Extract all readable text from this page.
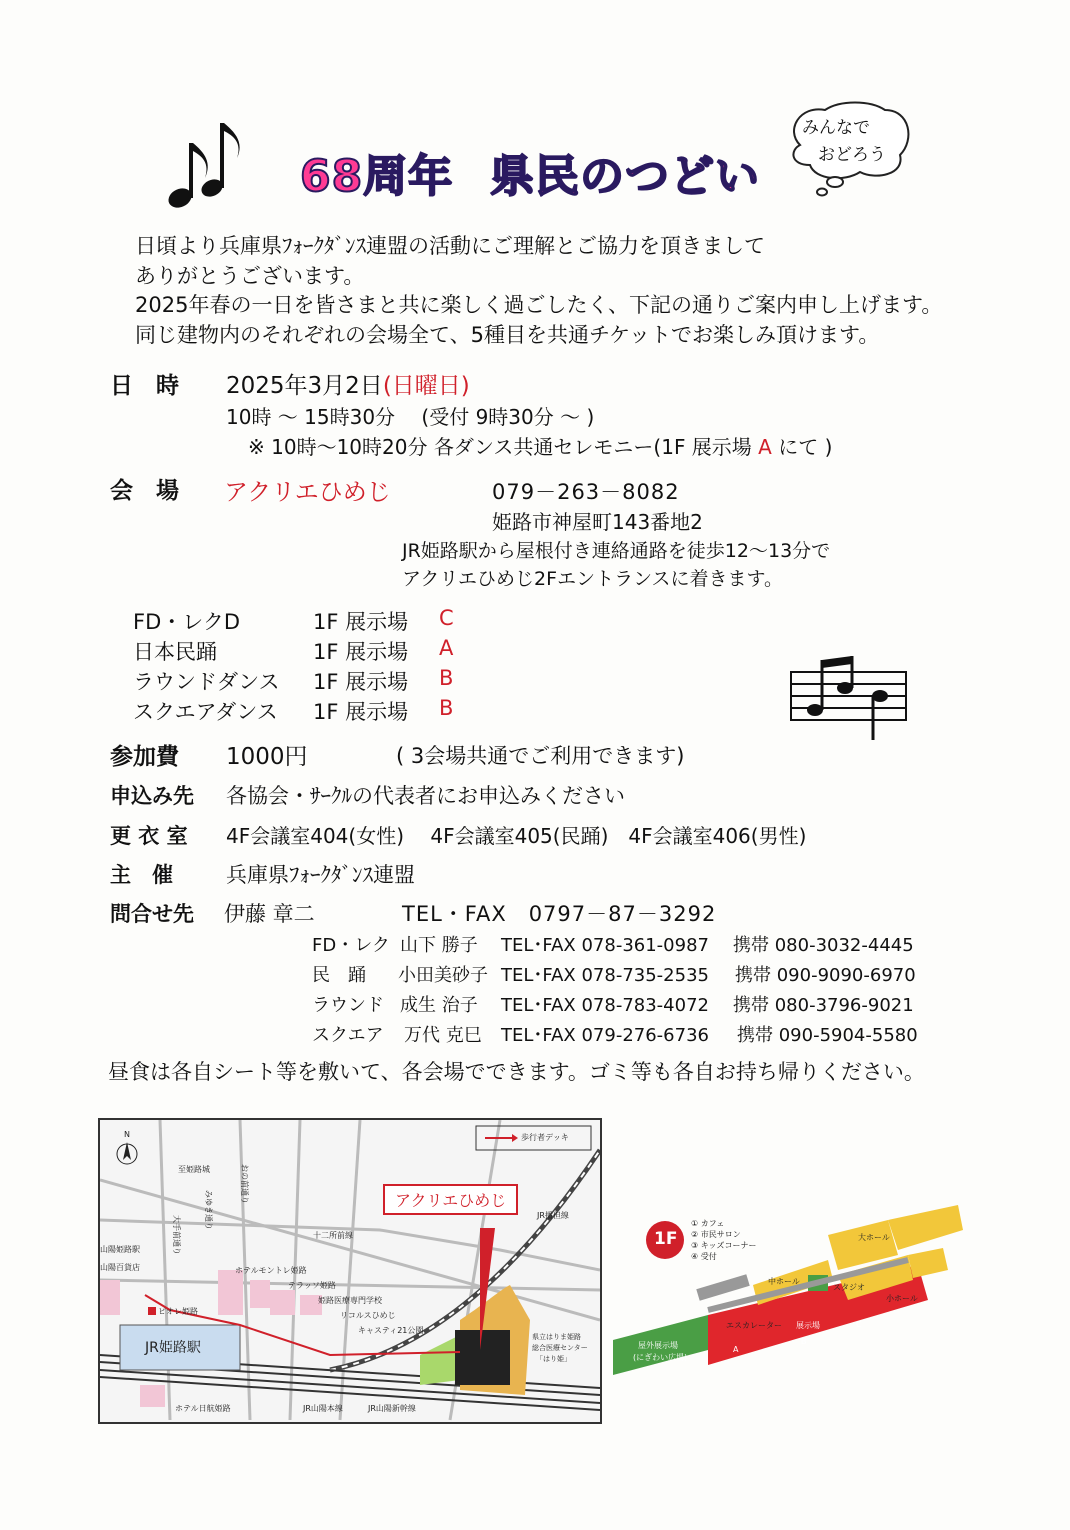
68周年 県民のつどい
みんなで
おどろう
日頃より兵庫県ﾌｫｰｸﾀﾞﾝｽ連盟の活動にご理解とご協力を頂きまして
ありがとうございます。
2025年春の一日を皆さまと共に楽しく過ごしたく、下記の通りご案内申し上げます。
同じ建物内のそれぞれの会場全て、5種目を共通チケットでお楽しみ頂けます。
日　時 2025年3月2日(日曜日)
10時 ～ 15時30分　 (受付 9時30分 ～ )
※ 10時～10時20分 各ダンス共通セレモニー(1F 展示場 A にて )
会　場 アクリエひめじ	079－263－8082
姫路市神屋町143番地2
JR姫路駅から屋根付き連絡通路を徒歩12～13分で
アクリエひめじ2Fエントランスに着きます。
FD・レクD	1F 展示場 C
日本民踊	1F 展示場 A
ラウンドダンス 1F 展示場 B
スクエアダンス 1F 展示場 B
参加費 1000円	( 3会場共通でご利用できます)
申込み先 各協会・ｻｰｸﾙの代表者にお申込みください
更 衣 室 4F会議室404(女性)　 4F会議室405(民踊)　4F会議室406(男性)
主　催	兵庫県ﾌｫｰｸﾀﾞﾝｽ連盟
問合せ先 伊藤 章二	TEL・FAX　0797－87－3292
FD・レク 山下 勝子 TEL･FAX 078-361-0987 携帯 080-3032-4445
民　踊 小田美砂子 TEL･FAX 078-735-2535 携帯 090-9090-6970
ラウンド 成生 治子 TEL･FAX 078-783-4072 携帯 080-3796-9021
スクエア 万代 克巳 TEL･FAX 079-276-6736 携帯 090-5904-5580
昼食は各自シート等を敷いて、各会場でできます。ゴミ等も各自お持ち帰りください。
歩行者デッキ
アクリエひめじ
JR姫路駅
N
至姫路城
十二所前線
JR播但線
山陽姫路駅
山陽百貨店	ホテルモントレ姫路
テラッソ姫路
姫路医療専門学校
ピオレ姫路	リコルスひめじ
キャスティ21公園
県立はりま姫路
総合医療センター
「はり姫」
ホテル日航姫路	JR山陽本線	JR山陽新幹線
みゆき通り
おの前通り
大手前通り	1F
① カフェ
② 市民サロン
③ キッズコーナー
④ 受付
大ホール
中ホール
スタジオ
小ホール
屋外展示場
(にぎわい広場)
エスカレーター 展示場
A
B
C
